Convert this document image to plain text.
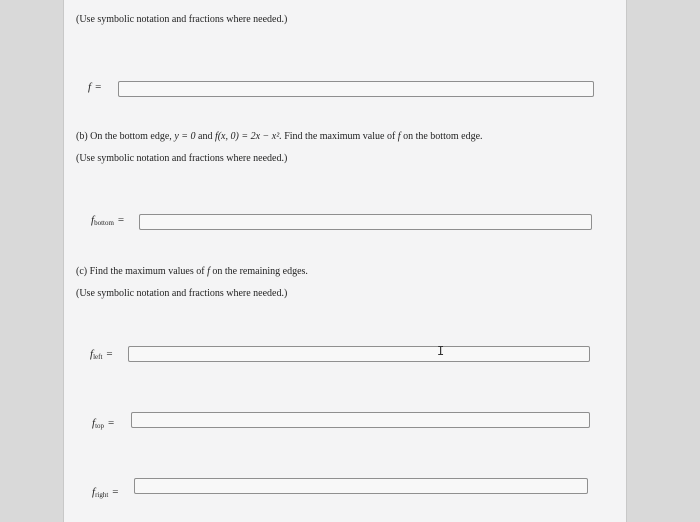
(Use symbolic notation and fractions where needed.)
f =
(b) On the bottom edge, y = 0 and f(x, 0) = 2x − x². Find the maximum value of f on the bottom edge.
(Use symbolic notation and fractions where needed.)
$f_{bottom}$ =
(c) Find the maximum values of f on the remaining edges.
(Use symbolic notation and fractions where needed.)
$f_{left}$ =	I
$f_{top}$ =
$f_{right}$ =
